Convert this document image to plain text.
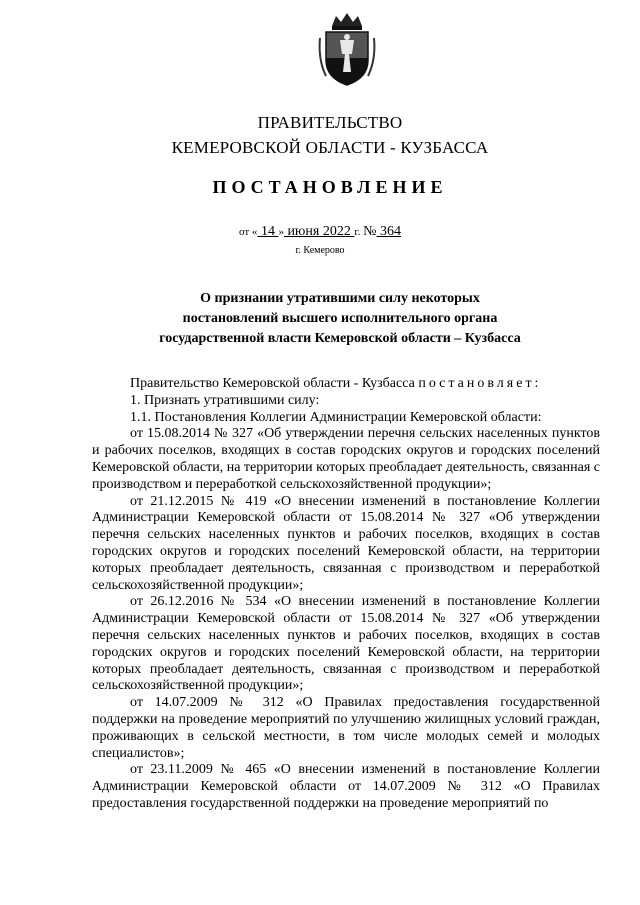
ПРАВИТЕЛЬСТВО
КЕМЕРОВСКОЙ ОБЛАСТИ - КУЗБАССА
ПОСТАНОВЛЕНИЕ
от « 14 » июня 2022 г. № 364
г. Кемерово
О признании утратившими силу некоторых
постановлений высшего исполнительного органа
государственной власти Кемеровской области – Кузбасса

Правительство Кемеровской области - Кузбасса постановляет:

1. Признать утратившими силу:

1.1. Постановления Коллегии Администрации Кемеровской области:

от 15.08.2014 № 327 «Об утверждении перечня сельских населенных пунктов и рабочих поселков, входящих в состав городских округов и городских поселений Кемеровской области, на территории которых преобладает деятельность, связанная с производством и переработкой сельскохозяйственной продукции»;

от 21.12.2015 № 419 «О внесении изменений в постановление Коллегии Администрации Кемеровской области от 15.08.2014 № 327 «Об утверждении перечня сельских населенных пунктов и рабочих поселков, входящих в состав городских округов и городских поселений Кемеровской области, на территории которых преобладает деятельность, связанная с производством и переработкой сельскохозяйственной продукции»;

от 26.12.2016 № 534 «О внесении изменений в постановление Коллегии Администрации Кемеровской области от 15.08.2014 № 327 «Об утверждении перечня сельских населенных пунктов и рабочих поселков, входящих в состав городских округов и городских поселений Кемеровской области, на территории которых преобладает деятельность, связанная с производством и переработкой сельскохозяйственной продукции»;

от 14.07.2009 № 312 «О Правилах предоставления государственной поддержки на проведение мероприятий по улучшению жилищных условий граждан, проживающих в сельской местности, в том числе молодых семей и молодых специалистов»;

от 23.11.2009 № 465 «О внесении изменений в постановление Коллегии Администрации Кемеровской области от 14.07.2009 № 312 «О Правилах предоставления государственной поддержки на проведение мероприятий по
